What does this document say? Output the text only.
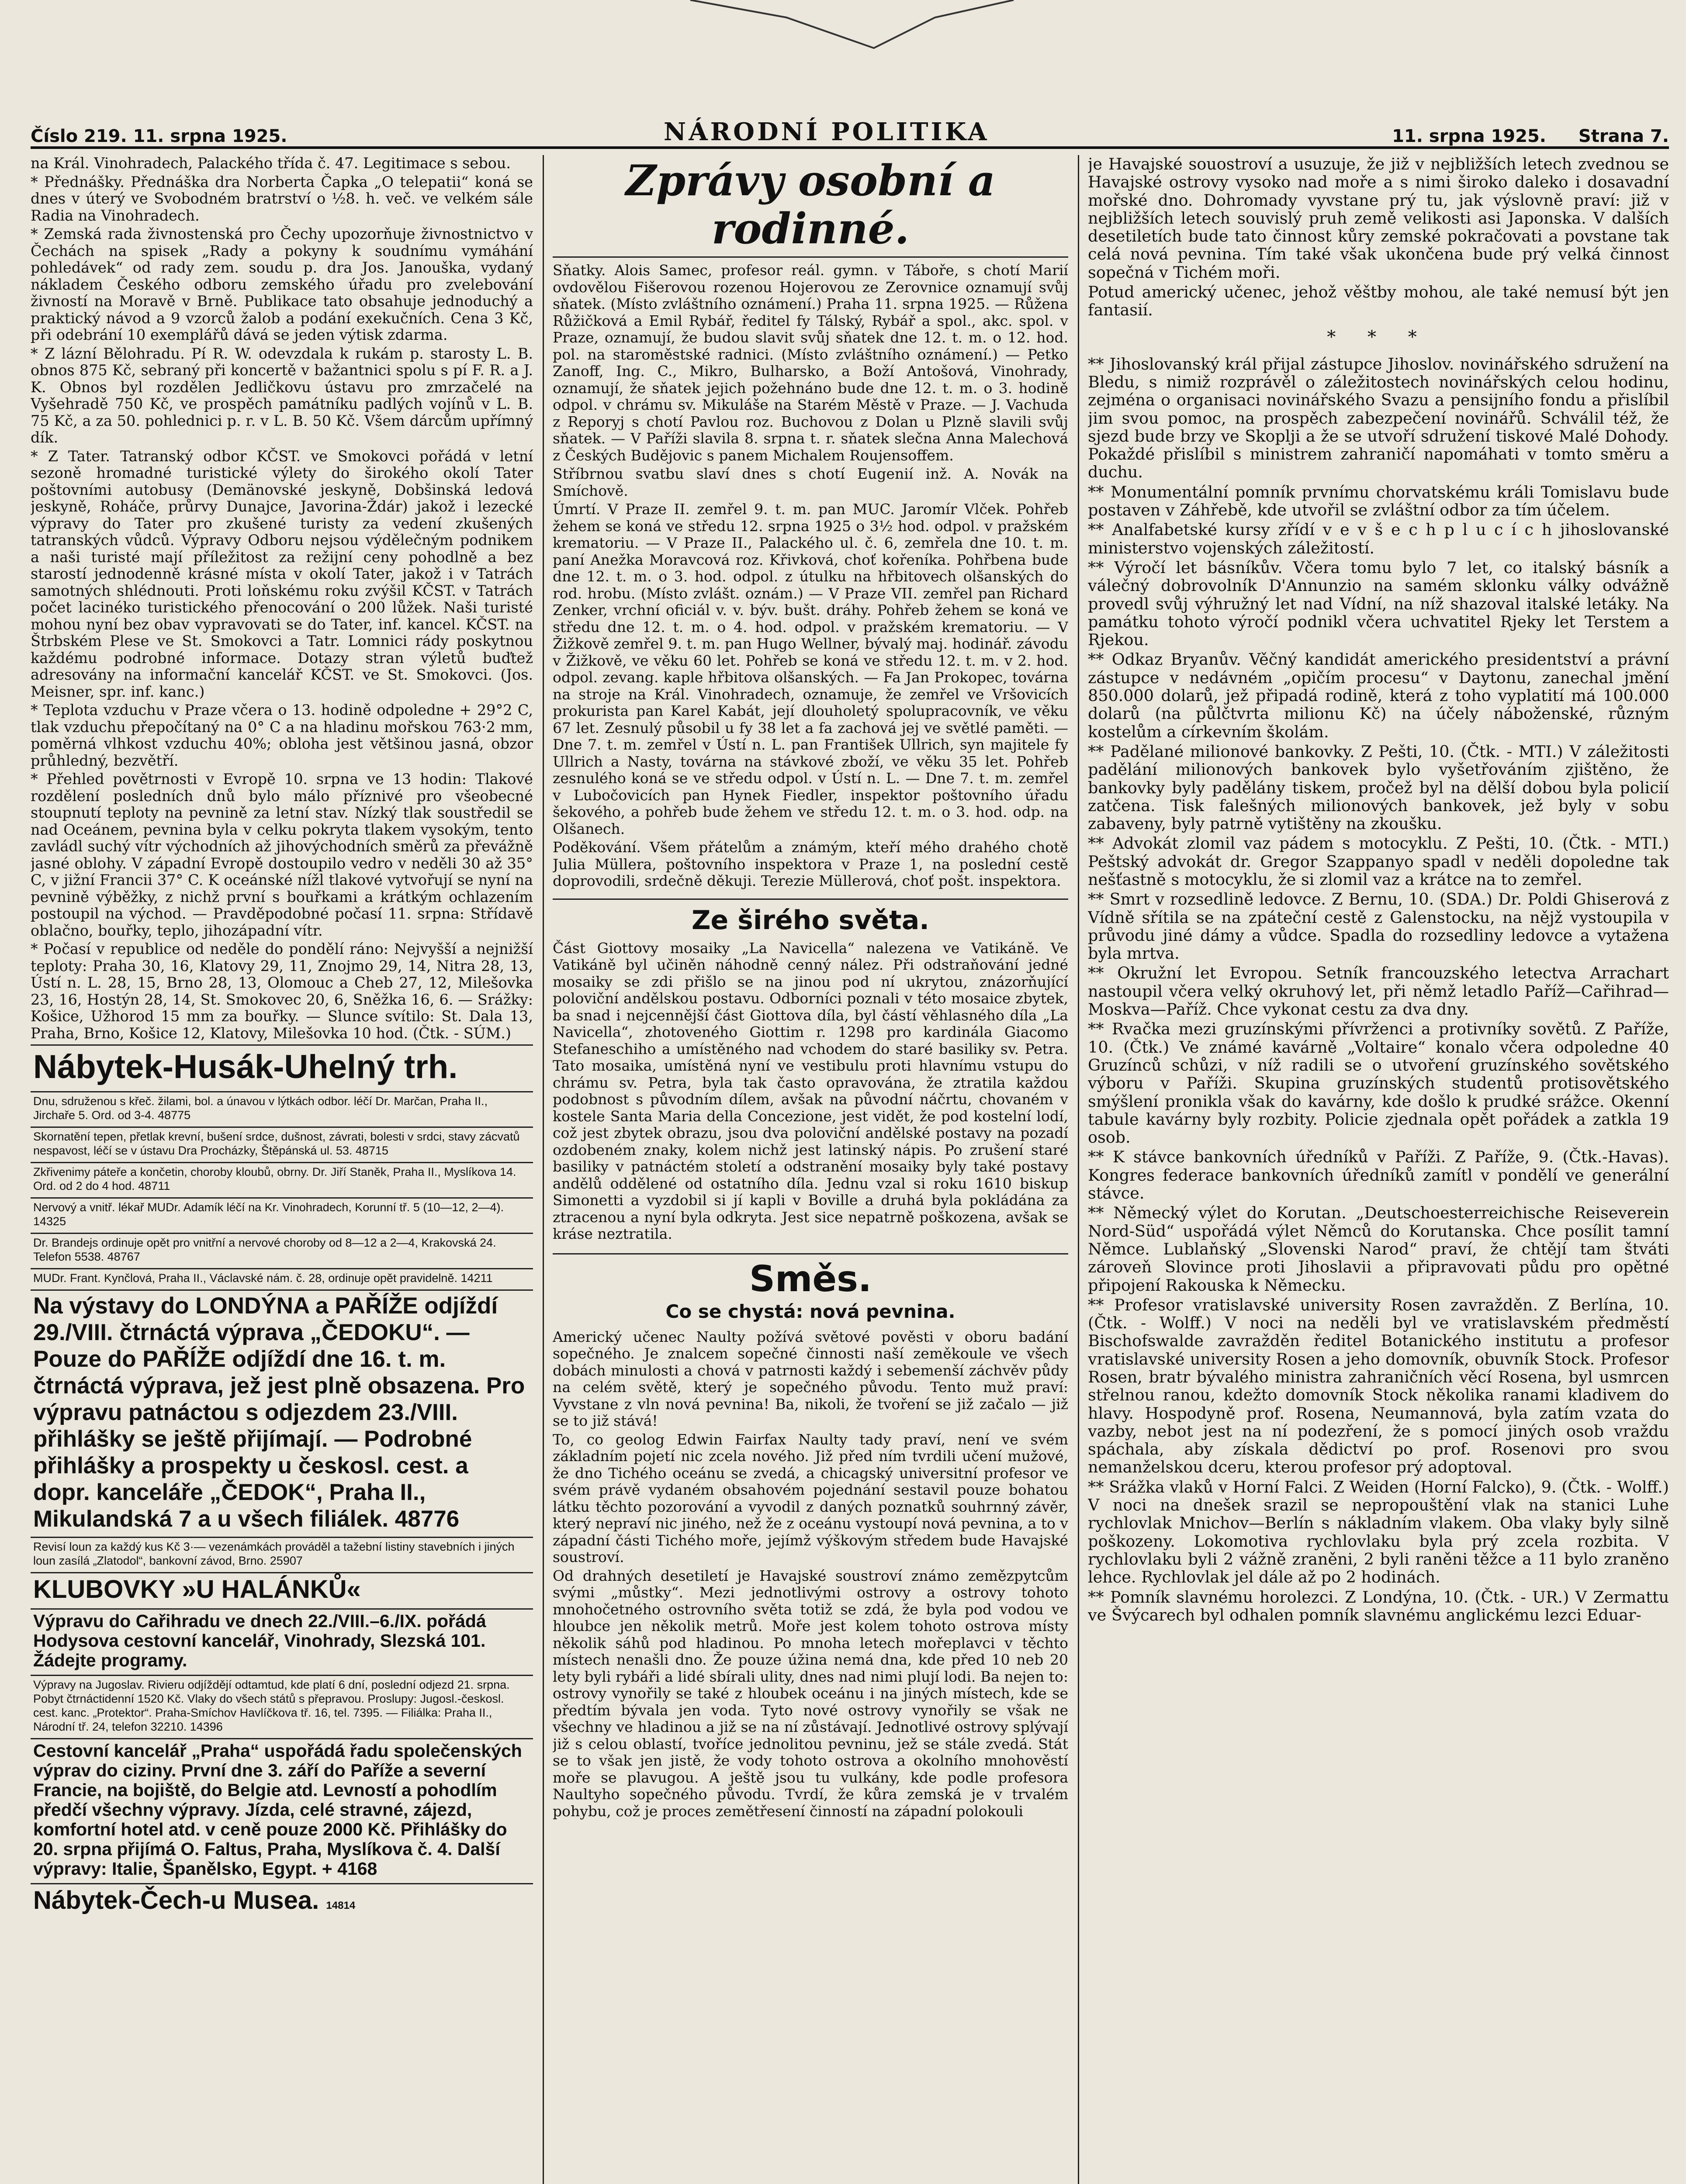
Číslo 219. 11. srpna 1925.	NÁRODNÍ POLITIKA	11. srpna 1925. Strana 7.

na Král. Vinohradech, Palackého třída č. 47. Legitimace s sebou.

* Přednášky. Přednáška dra Norberta Čapka „O telepatii“ koná se dnes v úterý ve Svobodném bratrství o ½8. h. več. ve velkém sále Radia na Vinohradech.

* Zemská rada živnostenská pro Čechy upozorňuje živnostnictvo v Čechách na spisek „Rady a pokyny k soudnímu vymáhání pohledávek“ od rady zem. soudu p. dra Jos. Janouška, vydaný nákladem Českého odboru zemského úřadu pro zvelebování živností na Moravě v Brně. Publikace tato obsahuje jednoduchý a praktický návod a 9 vzorců žalob a podání exekučních. Cena 3 Kč, při odebrání 10 exemplářů dává se jeden výtisk zdarma.

* Z lázní Bělohradu. Pí R. W. odevzdala k rukám p. starosty L. B. obnos 875 Kč, sebraný při koncertě v bažantnici spolu s pí F. R. a J. K. Obnos byl rozdělen Jedličkovu ústavu pro zmrzačelé na Vyšehradě 750 Kč, ve prospěch památníku padlých vojínů v L. B. 75 Kč, a za 50. pohlednici p. r. v L. B. 50 Kč. Všem dárcům upřímný dík.

* Z Tater. Tatranský odbor KČST. ve Smokovci pořádá v letní sezoně hromadné turistické výlety do širokého okolí Tater poštovními autobusy (Demänovské jeskyně, Dobšinská ledová jeskyně, Roháče, průrvy Dunajce, Javorina-Ždár) jakož i lezecké výpravy do Tater pro zkušené turisty za vedení zkušených tatranských vůdců. Výpravy Odboru nejsou výdělečným podnikem a naši turisté mají příležitost za režijní ceny pohodlně a bez starostí jednodenně krásné místa v okolí Tater, jakož i v Tatrách samotných shlédnouti. Proti loňskému roku zvýšil KČST. v Tatrách počet lacinéko turistického přenocování o 200 lůžek. Naši turisté mohou nyní bez obav vypravovati se do Tater, inf. kancel. KČST. na Štrbském Plese ve St. Smokovci a Tatr. Lomnici rády poskytnou každému podrobné informace. Dotazy stran výletů buďtež adresovány na informační kancelář KČST. ve St. Smokovci. (Jos. Meisner, spr. inf. kanc.)

* Teplota vzduchu v Praze včera o 13. hodině odpoledne + 29°2 C, tlak vzduchu přepočítaný na 0° C a na hladinu mořskou 763·2 mm, poměrná vlhkost vzduchu 40%; obloha jest většinou jasná, obzor průhledný, bezvětří.

* Přehled povětrnosti v Evropě 10. srpna ve 13 hodin: Tlakové rozdělení posledních dnů bylo málo příznivé pro všeobecné stoupnutí teploty na pevnině za letní stav. Nízký tlak soustředil se nad Oceánem, pevnina byla v celku pokryta tlakem vysokým, tento zavládl suchý vítr východních až jihovýchodních směrů za převážně jasné oblohy. V západní Evropě dostoupilo vedro v neděli 30 až 35° C, v jižní Francii 37° C. K oceánské nížl tlakové vytvořují se nyní na pevnině výběžky, z nichž první s bouřkami a krátkým ochlazením postoupil na východ. — Pravděpodobné počasí 11. srpna: Střídavě oblačno, bouřky, teplo, jihozápadní vítr.

* Počasí v republice od neděle do pondělí ráno: Nejvyšší a nejnižší teploty: Praha 30, 16, Klatovy 29, 11, Znojmo 29, 14, Nitra 28, 13, Ústí n. L. 28, 15, Brno 28, 13, Olomouc a Cheb 27, 12, Milešovka 23, 16, Hostýn 28, 14, St. Smokovec 20, 6, Sněžka 16, 6. — Srážky: Košice, Užhorod 15 mm za bouřky. — Slunce svítilo: St. Dala 13, Praha, Brno, Košice 12, Klatovy, Milešovka 10 hod. (Čtk. - SÚM.)

Nábytek-Husák-Uhelný trh.
Dnu, sdruženou s křeč. žilami, bol. a únavou v lýtkách odbor. léčí Dr. Marčan, Praha II., Jirchaře 5. Ord. od 3-4. 48775
Skornatění tepen, přetlak krevní, bušení srdce, dušnost, závrati, bolesti v srdci, stavy zácvatů nespavost, léčí se v ústavu Dra Procházky, Štěpánská ul. 53. 48715
Zkřivenimy páteře a končetin, choroby kloubů, obrny. Dr. Jiří Staněk, Praha II., Myslíkova 14. Ord. od 2 do 4 hod. 48711
Nervový a vnitř. lékař MUDr. Adamík léčí na Kr. Vinohradech, Korunní tř. 5 (10—12, 2—4). 14325
Dr. Brandejs ordinuje opět pro vnitřní a nervové choroby od 8—12 a 2—4, Krakovská 24. Telefon 5538. 48767
MUDr. Frant. Kynčlová, Praha II., Václavské nám. č. 28, ordinuje opět pravidelně. 14211
Na výstavy do LONDÝNA a PAŘÍŽE odjíždí 29./VIII. čtrnáctá výprava „ČEDOKU“. — Pouze do PAŘÍŽE odjíždí dne 16. t. m. čtrnáctá výprava, jež jest plně obsazena. Pro výpravu patnáctou s odjezdem 23./VIII. přihlášky se ještě přijímají. — Podrobné přihlášky a prospekty u českosl. cest. a dopr. kanceláře „ČEDOK“, Praha II., Mikulandská 7 a u všech filiálek. 48776
Revisí loun za každý kus Kč 3·— vezenámkách prováděl a tažební listiny stavebních i jiných loun zasílá „Zlatodol“, bankovní závod, Brno. 25907
KLUBOVKY »U HALÁNKŮ«
Výpravu do Cařihradu ve dnech 22./VIII.–6./IX. pořádá Hodysova cestovní kancelář, Vinohrady, Slezská 101. Žádejte programy.
Výpravy na Jugoslav. Rivieru odjíždějí odtamtud, kde platí 6 dní, poslední odjezd 21. srpna. Pobyt čtrnáctidenní 1520 Kč. Vlaky do všech států s přepravou. Proslupy: Jugosl.-českosl. cest. kanc. „Protektor“. Praha-Smíchov Havlíčkova tř. 16, tel. 7395. — Filiálka: Praha II., Národní tř. 24, telefon 32210. 14396
Cestovní kancelář „Praha“ uspořádá řadu společenských výprav do ciziny. První dne 3. září do Paříže a severní Francie, na bojiště, do Belgie atd. Levností a pohodlím předčí všechny výpravy. Jízda, celé stravné, zájezd, komfortní hotel atd. v ceně pouze 2000 Kč. Přihlášky do 20. srpna přijímá O. Faltus, Praha, Myslíkova č. 4. Další výpravy: Italie, Španělsko, Egypt. + 4168
Nábytek-Čech-u Musea. 14814
Zprávy osobní a rodinné.

Sňatky. Alois Sameс, profesor reál. gymn. v Táboře, s chotí Marií ovdovělou Fišerovou rozenou Hojerovou ze Zerovnice oznamují svůj sňatek. (Místo zvláštního oznámení.) Praha 11. srpna 1925. — Růžena Růžičková a Emil Rybář, ředitel fy Tálský, Rybář a spol., akc. spol. v Praze, oznamují, že budou slavit svůj sňatek dne 12. t. m. o 12. hod. pol. na staroměstské radnici. (Místo zvláštního oznámení.) — Petko Zanoff, Ing. C., Mikro, Bulharsko, a Boží Antošová, Vinohrady, oznamují, že sňatek jejich požehnáno bude dne 12. t. m. o 3. hodině odpol. v chrámu sv. Mikuláše na Starém Městě v Praze. — J. Vachuda z Reporyj s chotí Pavlou roz. Buchovou z Dolan u Plzně slavili svůj sňatek. — V Paříži slavila 8. srpna t. r. sňatek slečna Anna Malechová z Českých Budějovic s panem Michalem Roujensoffem.

Stříbrnou svatbu slaví dnes s chotí Eugenií inž. A. Novák na Smíchově.

Úmrtí. V Praze II. zemřel 9. t. m. pan MUC. Jaromír Vlček. Pohřeb žehem se koná ve středu 12. srpna 1925 o 3½ hod. odpol. v pražském krematoriu. — V Praze II., Palackého ul. č. 6, zemřela dne 10. t. m. paní Anežka Moravcová roz. Křivková, choť kořeníka. Pohřbena bude dne 12. t. m. o 3. hod. odpol. z útulku na hřbitovech olšanských do rod. hrobu. (Místo zvlášt. oznám.) — V Praze VII. zemřel pan Richard Zenker, vrchní oficiál v. v. býv. bušt. dráhy. Pohřeb žehem se koná ve středu dne 12. t. m. o 4. hod. odpol. v pražském krematoriu. — V Žižkově zemřel 9. t. m. pan Hugo Wellner, bývalý maj. hodinář. závodu v Žižkově, ve věku 60 let. Pohřeb se koná ve středu 12. t. m. v 2. hod. odpol. zevang. kaple hřbitova olšanských. — Fa Jan Prokopec, továrna na stroje na Král. Vinohradech, oznamuje, že zemřel ve Vršovicích prokurista pan Karel Kabát, její dlouholetý spolupracovník, ve věku 67 let. Zesnulý působil u fy 38 let a fa zachová jej ve světlé paměti. — Dne 7. t. m. zemřel v Ústí n. L. pan František Ullrich, syn majitele fy Ullrich a Nasty, továrna na stávkové zboží, ve věku 35 let. Pohřeb zesnulého koná se ve středu odpol. v Ústí n. L. — Dne 7. t. m. zemřel v Lubočovicích pan Hynek Fiedler, inspektor poštovního úřadu šekového, a pohřeb bude žehem ve středu 12. t. m. o 3. hod. odp. na Olšanech.

Poděkování. Všem přátelům a známým, kteří mého drahého chotě Julia Müllera, poštovního inspektora v Praze 1, na poslední cestě doprovodili, srdečně děkuji. Terezie Müllerová, choť pošt. inspektora.

Ze širého světa.

Část Giottovy mosaiky „La Navicella“ nalezena ve Vatikáně. Ve Vatikáně byl učiněn náhodně cenný nález. Při odstraňování jedné mosaiky se zdi přišlo se na jinou pod ní ukrytou, znázorňující poloviční andělskou postavu. Odborníci poznali v této mosaice zbytek, ba snad i nejcennější část Giottova díla, byl částí věhlasného díla „La Navicella“, zhotoveného Giottim r. 1298 pro kardinála Giacomo Stefaneschiho a umístěného nad vchodem do staré basiliky sv. Petra. Tato mosaika, umístěná nyní ve vestibulu proti hlavnímu vstupu do chrámu sv. Petra, byla tak často opravována, že ztratila každou podobnost s původním dílem, avšak na původní náčrtu, chovaném v kostele Santa Maria della Concezione, jest vidět, že pod kostelní lodí, což jest zbytek obrazu, jsou dva poloviční andělské postavy na pozadí ozdobeném znaky, kolem nichž jest latinský nápis. Po zrušení staré basiliky v patnáctém století a odstranění mosaiky byly také postavy andělů oddělené od ostatního díla. Jednu vzal si roku 1610 biskup Simonetti a vyzdobil si jí kapli v Boville a druhá byla pokládána za ztracenou a nyní byla odkryta. Jest sice nepatrně poškozena, avšak se kráse neztratila.

Směs.
Co se chystá: nová pevnina.

Americký učenec Naulty požívá světové pověsti v oboru badání sopečného. Je znalcem sopečné činnosti naší zeměkoule ve všech dobách minulosti a chová v patrnosti každý i sebemenší záchvěv půdy na celém světě, který je sopečného původu. Tento muž praví: Vyvstane z vln nová pevnina! Ba, nikoli, že tvoření se již začalo — již se to již stává!

To, co geolog Edwin Fairfax Naulty tady praví, není ve svém základním pojetí nic zcela nového. Již před ním tvrdili učení mužové, že dno Tichého oceánu se zvedá, a chicagský universitní profesor ve svém právě vydaném obsahovém pojednání sestavil pouze bohatou látku těchto pozorování a vyvodil z daných poznatků souhrnný závěr, který nepraví nic jiného, než že z oceánu vystoupí nová pevnina, a to v západní části Tichého moře, jejímž výškovým středem bude Havajské soustroví.

Od drahných desetiletí je Havajské soustroví známo zemězpytcům svými „můstky“. Mezi jednotlivými ostrovy a ostrovy tohoto mnohočetného ostrovního světa totiž se zdá, že byla pod vodou ve hloubce jen několik metrů. Moře jest kolem tohoto ostrova místy několik sáhů pod hladinou. Po mnoha letech mořeplavci v těchto místech nenašli dno. Že pouze úžina nemá dna, kde před 10 neb 20 lety byli rybáři a lidé sbírali ulity, dnes nad nimi plují lodi. Ba nejen to: ostrovy vynořily se také z hloubek oceánu i na jiných místech, kde se předtím bývala jen voda. Tyto nové ostrovy vynořily se však ne všechny ve hladinou a již se na ní zůstávají. Jednotlivé ostrovy splývají již s celou oblastí, tvoříce jednolitou pevninu, jež se stále zvedá. Stát se to však jen jistě, že vody tohoto ostrova a okolního mnohověstí moře se plavugou. A ještě jsou tu vulkány, kde podle profesora Naultyho sopečného původu. Tvrdí, že kůra zemská je v trvalém pohybu, což je proces zemětřesení činností na západní polokouli

je Havajské souostroví a usuzuje, že již v nejbližších letech zvednou se Havajské ostrovy vysoko nad moře a s nimi široko daleko i dosavadní mořské dno. Dohromady vyvstane prý tu, jak výslovně praví: již v nejbližších letech souvislý pruh země velikosti asi Japonska. V dalších desetiletích bude tato činnost kůry zemské pokračovati a povstane tak celá nová pevnina. Tím také však ukončena bude prý velká činnost sopečná v Tichém moři.

Potud americký učenec, jehož věštby mohou, ale také nemusí být jen fantasií.

* * *

** Jihoslovanský král přijal zástupce Jihoslov. novinářského sdružení na Bledu, s nimiž rozprávěl o záležitostech novinářských celou hodinu, zejména o organisaci novinářského Svazu a pensijního fondu a přislíbil jim svou pomoc, na prospěch zabezpečení novinářů. Schválil též, že sjezd bude brzy ve Skoplji a že se utvoří sdružení tiskové Malé Dohody. Pokaždé přislíbil s ministrem zahraničí napomáhati v tomto směru a duchu.

** Monumentální pomník prvnímu chorvatskému králi Tomislavu bude postaven v Záhřebě, kde utvořil se zvláštní odbor za tím účelem.

** Analfabetské kursy zřídí v e v š e c h p l u c í c h jihoslovanské ministerstvo vojenských záležitostí.

** Výročí let básníkův. Včera tomu bylo 7 let, co italský básník a válečný dobrovolník D'Annunzio na samém sklonku války odvážně provedl svůj výhružný let nad Vídní, na níž shazoval italské letáky. Na památku tohoto výročí podnikl včera uchvatitel Rjeky let Terstem a Rjekou.

** Odkaz Bryanův. Věčný kandidát amerického presidentství a právní zástupce v nedávném „opičím procesu“ v Daytonu, zanechal jmění 850.000 dolarů, jež připadá rodině, která z toho vyplatití má 100.000 dolarů (na půlčtvrta milionu Kč) na účely náboženské, různým kostelům a církevním školám.

** Padělané milionové bankovky. Z Pešti, 10. (Čtk. - MTI.) V záležitosti padělání milionových bankovek bylo vyšetřováním zjištěno, že bankovky byly padělány tiskem, pročež byl na dělší dobou byla policií zatčena. Tisk falešných milionových bankovek, jež byly v sobu zabaveny, byly patrně vytištěny na zkoušku.

** Advokát zlomil vaz pádem s motocyklu. Z Pešti, 10. (Čtk. - MTI.) Peštský advokát dr. Gregor Szappanyo spadl v neděli dopoledne tak nešťastně s motocyklu, že si zlomil vaz a krátce na to zemřel.

** Smrt v rozsedlině ledovce. Z Bernu, 10. (SDA.) Dr. Poldi Ghiserová z Vídně sřítila se na zpáteční cestě z Galenstocku, na nějž vystoupila v průvodu jiné dámy a vůdce. Spadla do rozsedliny ledovce a vytažena byla mrtva.

** Okružní let Evropou. Setník francouzského letectva Arrachart nastoupil včera velký okruhový let, při němž letadlo Paříž—Cařihrad—Moskva—Paříž. Chce vykonat cestu za dva dny.

** Rvačka mezi gruzínskými přívrženci a protivníky sovětů. Z Paříže, 10. (Čtk.) Ve známé kavárně „Voltaire“ konalo včera odpoledne 40 Gruzínců schůzi, v níž radili se o utvoření gruzínského sovětského výboru v Paříži. Skupina gruzínských studentů protisovětského smýšlení pronikla však do kavárny, kde došlo k prudké srážce. Okenní tabule kavárny byly rozbity. Policie zjednala opět pořádek a zatkla 19 osob.

** K stávce bankovních úředníků v Paříži. Z Paříže, 9. (Čtk.-Havas). Kongres federace bankovních úředníků zamítl v pondělí ve generální stávce.

** Německý výlet do Korutan. „Deutschoesterreichische Reiseverein Nord-Süd“ uspořádá výlet Němců do Korutanska. Chce posílit tamní Němce. Lublaňský „Slovenski Narod“ praví, že chtějí tam štváti zároveň Slovince proti Jihoslavii a připravovati půdu pro opětné připojení Rakouska k Německu.

** Profesor vratislavské university Rosen zavražděn. Z Berlína, 10. (Čtk. - Wolff.) V noci na neděli byl ve vratislavském předměstí Bischofswalde zavražděn ředitel Botanického institutu a profesor vratislavské university Rosen a jeho domovník, obuvník Stock. Profesor Rosen, bratr bývalého ministra zahraničních věcí Rosena, byl usmrcen střelnou ranou, kdežto domovník Stock několika ranami kladivem do hlavy. Hospodyně prof. Rosena, Neumannová, byla zatím vzata do vazby, nebot jest na ní podezření, že s pomocí jiných osob vraždu spáchala, aby získala dědictví po prof. Rosenovi pro svou nemanželskou dceru, kterou profesor prý adoptoval.

** Srážka vlaků v Horní Falci. Z Weiden (Horní Falcko), 9. (Čtk. - Wolff.) V noci na dnešek srazil se nepropouštění vlak na stanici Luhe rychlovlak Mnichov—Berlín s nákladním vlakem. Oba vlaky byly silně poškozeny. Lokomotiva rychlovlaku byla prý zcela rozbita. V rychlovlaku byli 2 vážně zraněni, 2 byli raněni těžce a 11 bylo zraněno lehce. Rychlovlak jel dále až po 2 hodinách.

** Pomník slavnému horolezci. Z Londýna, 10. (Čtk. - UR.) V Zermattu ve Švýcarech byl odhalen pomník slavnému anglickému lezci Eduar-
